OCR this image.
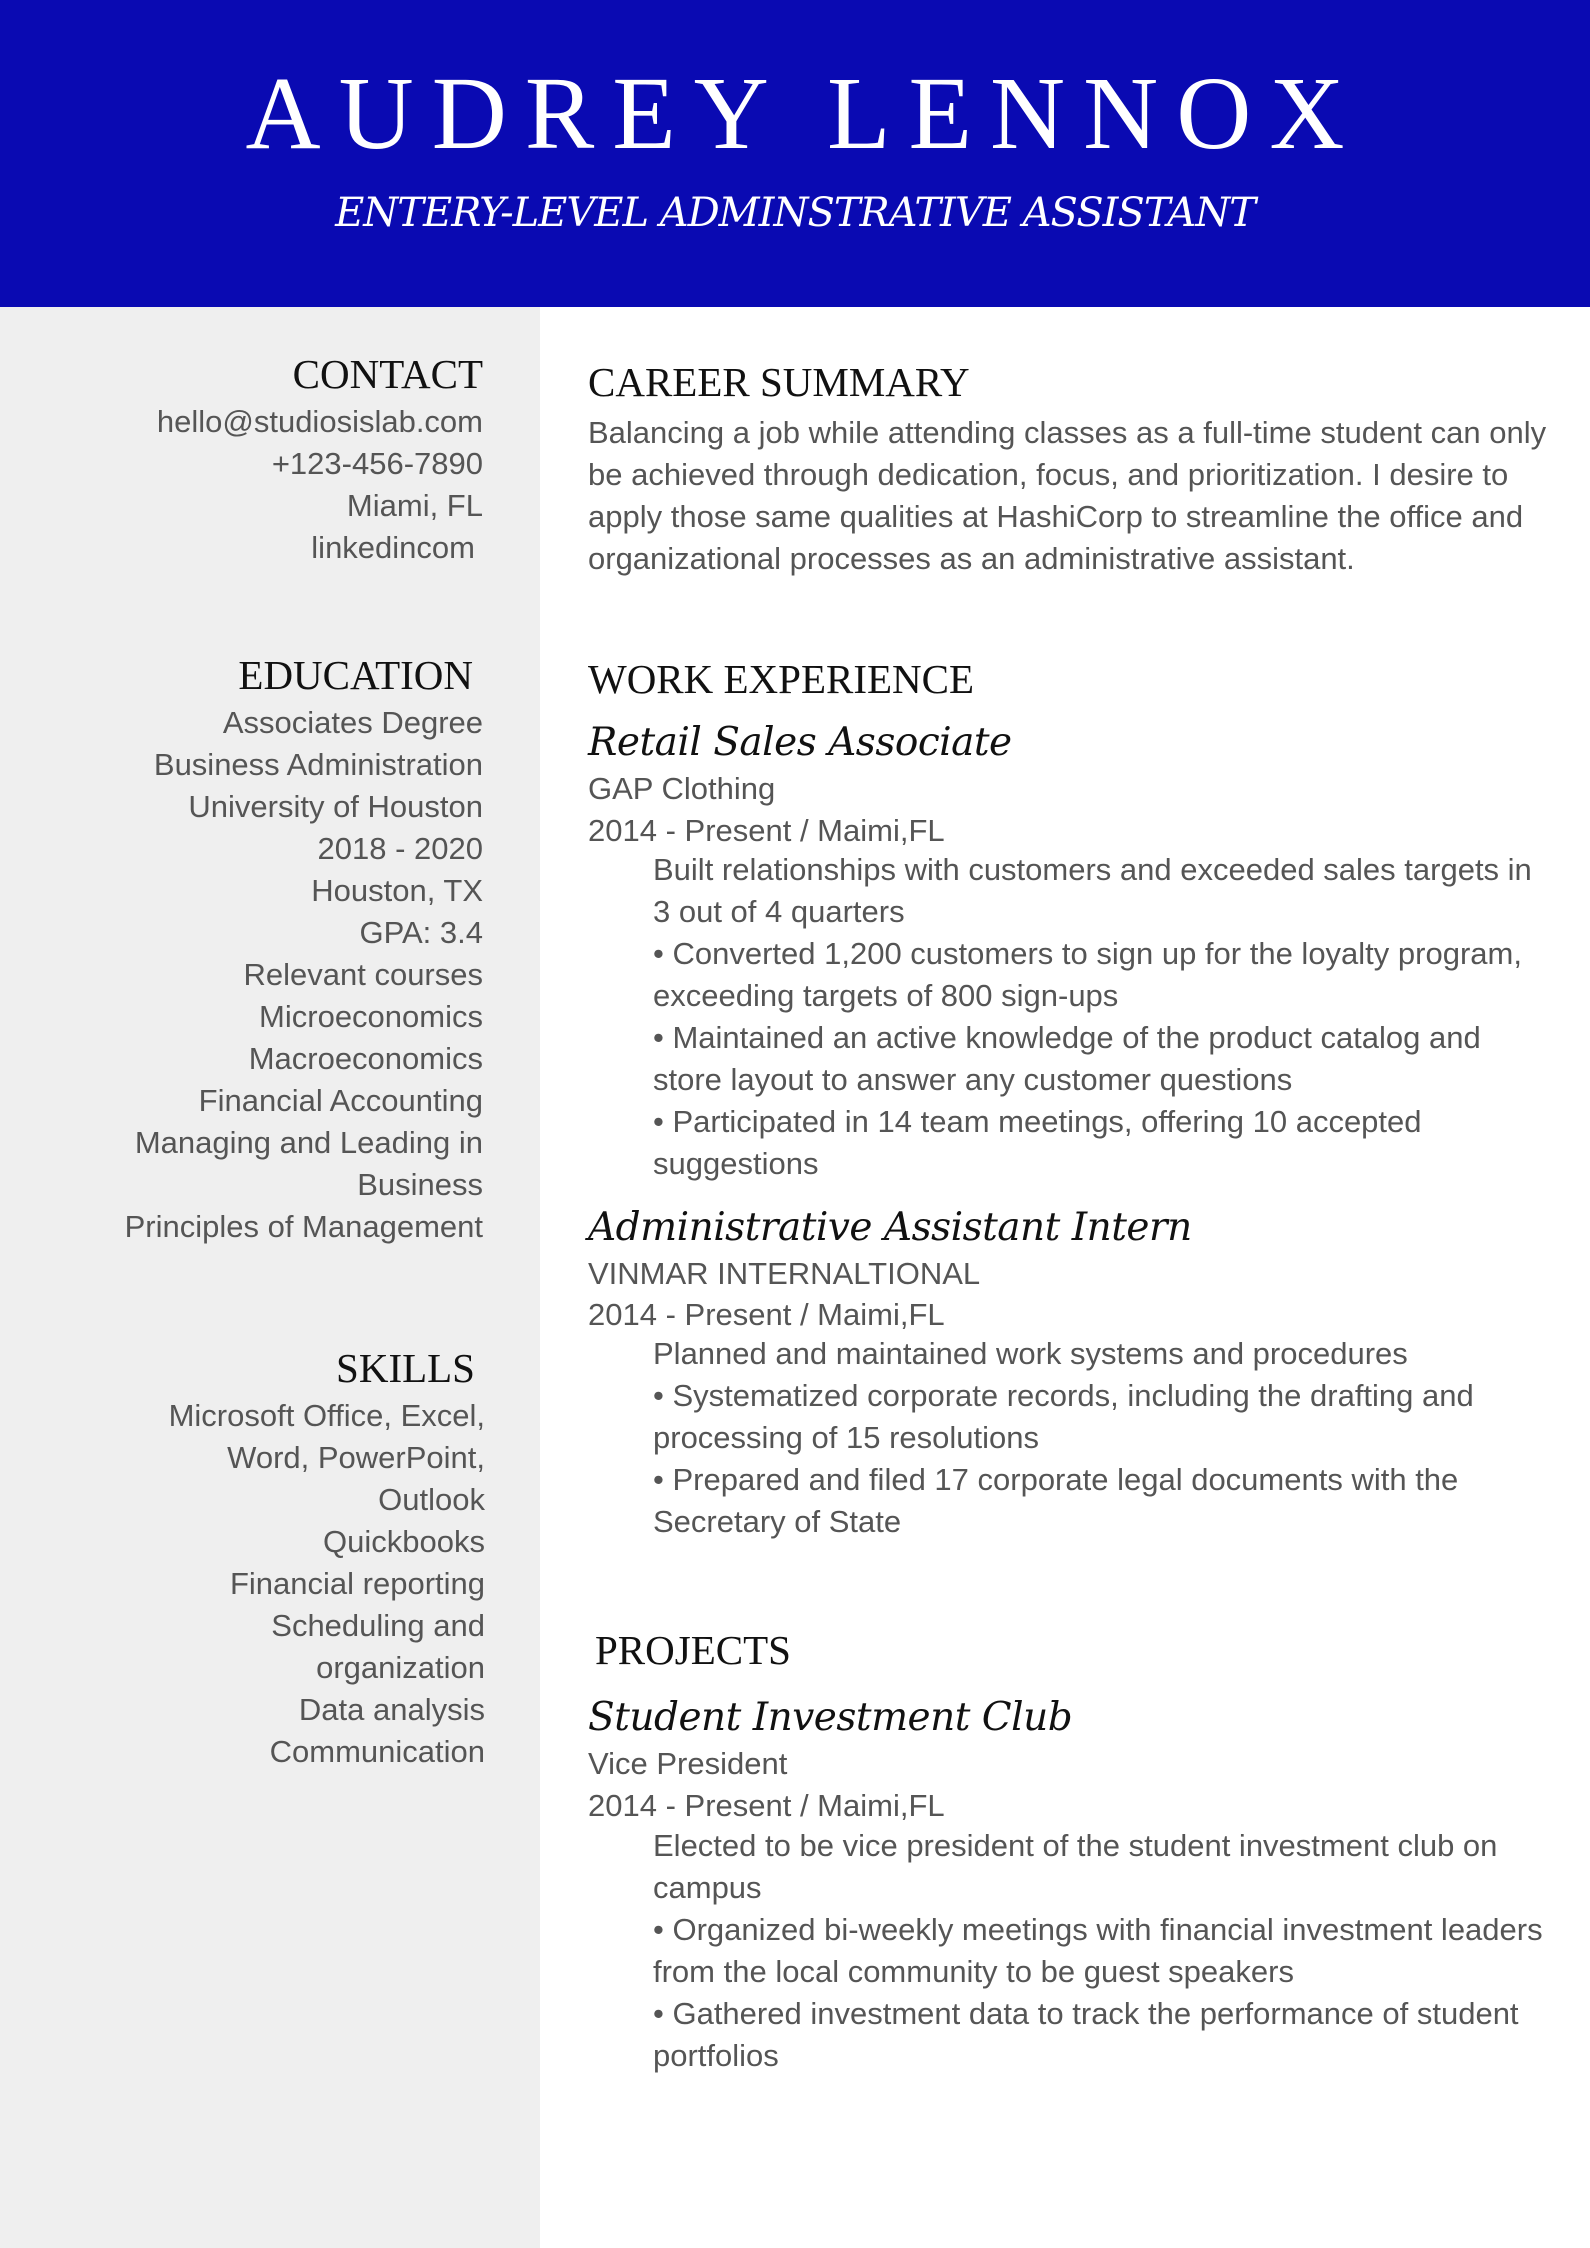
AUDREY LENNOX
ENTERY-LEVEL ADMINSTRATIVE ASSISTANT
CONTACT
hello@studiosislab.com
+123-456-7890
Miami, FL
linkedincom
EDUCATION
Associates Degree
Business Administration
University of Houston
2018 - 2020
Houston, TX
GPA: 3.4
Relevant courses
Microeconomics
Macroeconomics
Financial Accounting
Managing and Leading in
Business
Principles of Management
SKILLS
Microsoft Office, Excel,
Word, PowerPoint,
Outlook
Quickbooks
Financial reporting
Scheduling and
organization
Data analysis
Communication
CAREER SUMMARY
Balancing a job while attending classes as a full-time student can only be achieved through dedication, focus, and prioritization. I desire to apply those same qualities at HashiCorp to streamline the office and organizational processes as an administrative assistant.
WORK EXPERIENCE
Retail Sales Associate
GAP Clothing
2014 - Present / Maimi,FL
Built relationships with customers and exceeded sales targets in 3 out of 4 quarters
• Converted 1,200 customers to sign up for the loyalty program, exceeding targets of 800 sign-ups
• Maintained an active knowledge of the product catalog and store layout to answer any customer questions
• Participated in 14 team meetings, offering 10 accepted suggestions
Administrative Assistant Intern
VINMAR INTERNALTIONAL
2014 - Present / Maimi,FL
Planned and maintained work systems and procedures
• Systematized corporate records, including the drafting and processing of 15 resolutions
• Prepared and filed 17 corporate legal documents with the Secretary of State
PROJECTS
Student Investment Club
Vice President
2014 - Present / Maimi,FL
Elected to be vice president of the student investment club on campus
• Organized bi-weekly meetings with financial investment leaders from the local community to be guest speakers
• Gathered investment data to track the performance of student portfolios
